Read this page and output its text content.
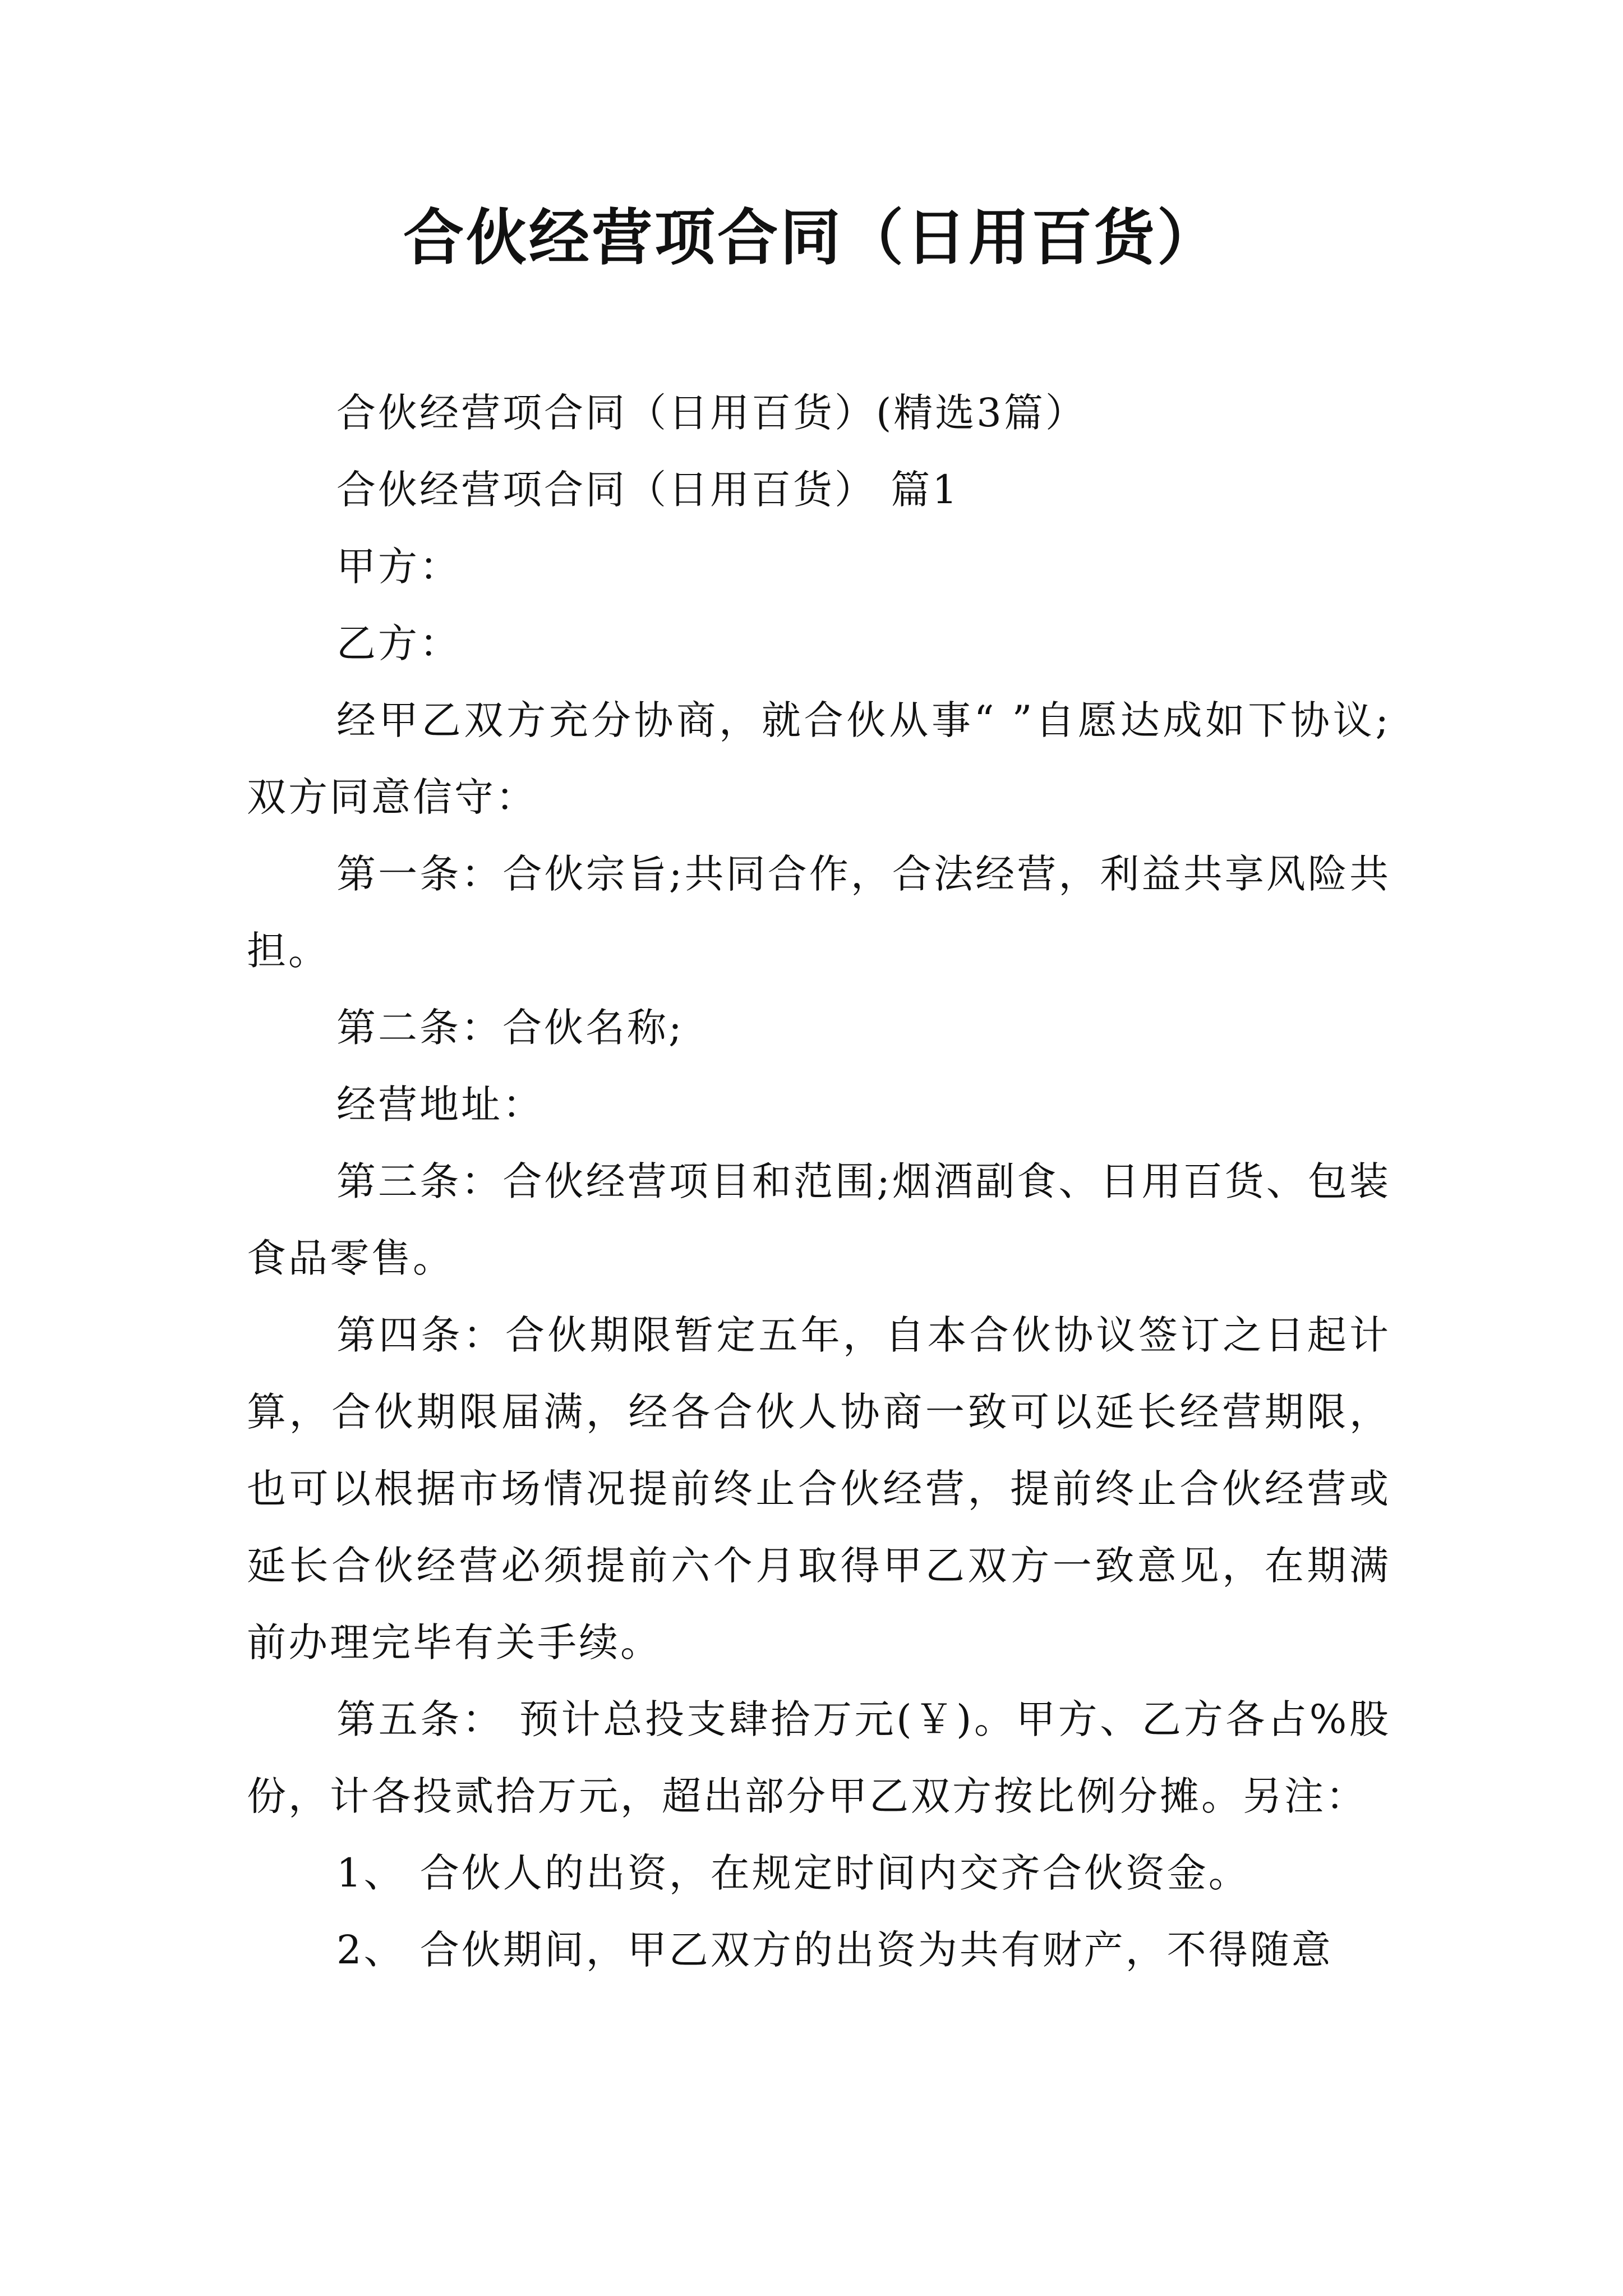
合伙经营项合同（日用百货）

合伙经营项合同（日用百货）(精选3篇）

合伙经营项合同（日用百货） 篇1

甲方：

乙方：

经甲乙双方充分协商，就合伙从事“ ”自愿达成如下协议;双方同意信守：

第一条：合伙宗旨;共同合作，合法经营，利益共享风险共担。

第二条：合伙名称;

经营地址：

第三条：合伙经营项目和范围;烟酒副食、日用百货、包装食品零售。

第四条：合伙期限暂定五年，自本合伙协议签订之日起计算，合伙期限届满，经各合伙人协商一致可以延长经营期限，也可以根据市场情况提前终止合伙经营，提前终止合伙经营或延长合伙经营必须提前六个月取得甲乙双方一致意见，在期满前办理完毕有关手续。

第五条： 预计总投支肆拾万元(￥)。甲方、乙方各占%股份，计各投贰拾万元，超出部分甲乙双方按比例分摊。另注：

1、 合伙人的出资，在规定时间内交齐合伙资金。

2、 合伙期间，甲乙双方的出资为共有财产，不得随意
